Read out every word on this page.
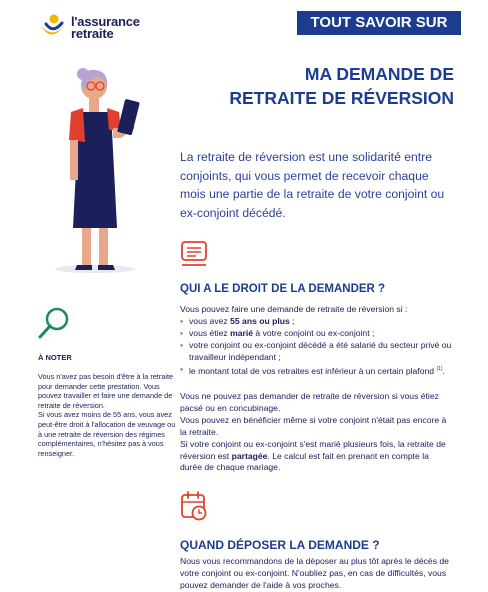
l'assurance
retraite
TOUT SAVOIR SUR
MA DEMANDE DE
RETRAITE DE RÉVERSION
La retraite de réversion est une solidarité entre conjoints, qui vous permet de recevoir chaque mois une partie de la retraite de votre conjoint ou ex-conjoint décédé.
À NOTER

Vous n'avez pas besoin d'être à la retraite pour demander cette prestation. Vous pouvez travailler et faire une demande de retraite de réversion.

Si vous avez moins de 55 ans, vous avez peut-être droit à l'allocation de veuvage ou à une retraite de réversion des régimes complémentaires, n'hésitez pas à vous renseigner.

QUI A LE DROIT DE LA DEMANDER ?

Vous pouvez faire une demande de retraite de réversion si :

• vous avez 55 ans ou plus ;
• vous étiez marié à votre conjoint ou ex-conjoint ;
• votre conjoint ou ex-conjoint décédé a été salarié du secteur privé ou travailleur indépendant ;
• le montant total de vos retraites est inférieur à un certain plafond $^{(1)}$.

Vous ne pouvez pas demander de retraite de réversion si vous étiez pacsé ou en concubinage.

Vous pouvez en bénéficier même si votre conjoint n'était pas encore à la retraite.

Si votre conjoint ou ex-conjoint s'est marié plusieurs fois, la retraite de réversion est partagée. Le calcul est fait en prenant en compte la durée de chaque mariage.

QUAND DÉPOSER LA DEMANDE ?
Nous vous recommandons de la déposer au plus tôt après le décès de votre conjoint ou ex-conjoint. N'oubliez pas, en cas de difficultés, vous pouvez demander de l'aide à vos proches.
